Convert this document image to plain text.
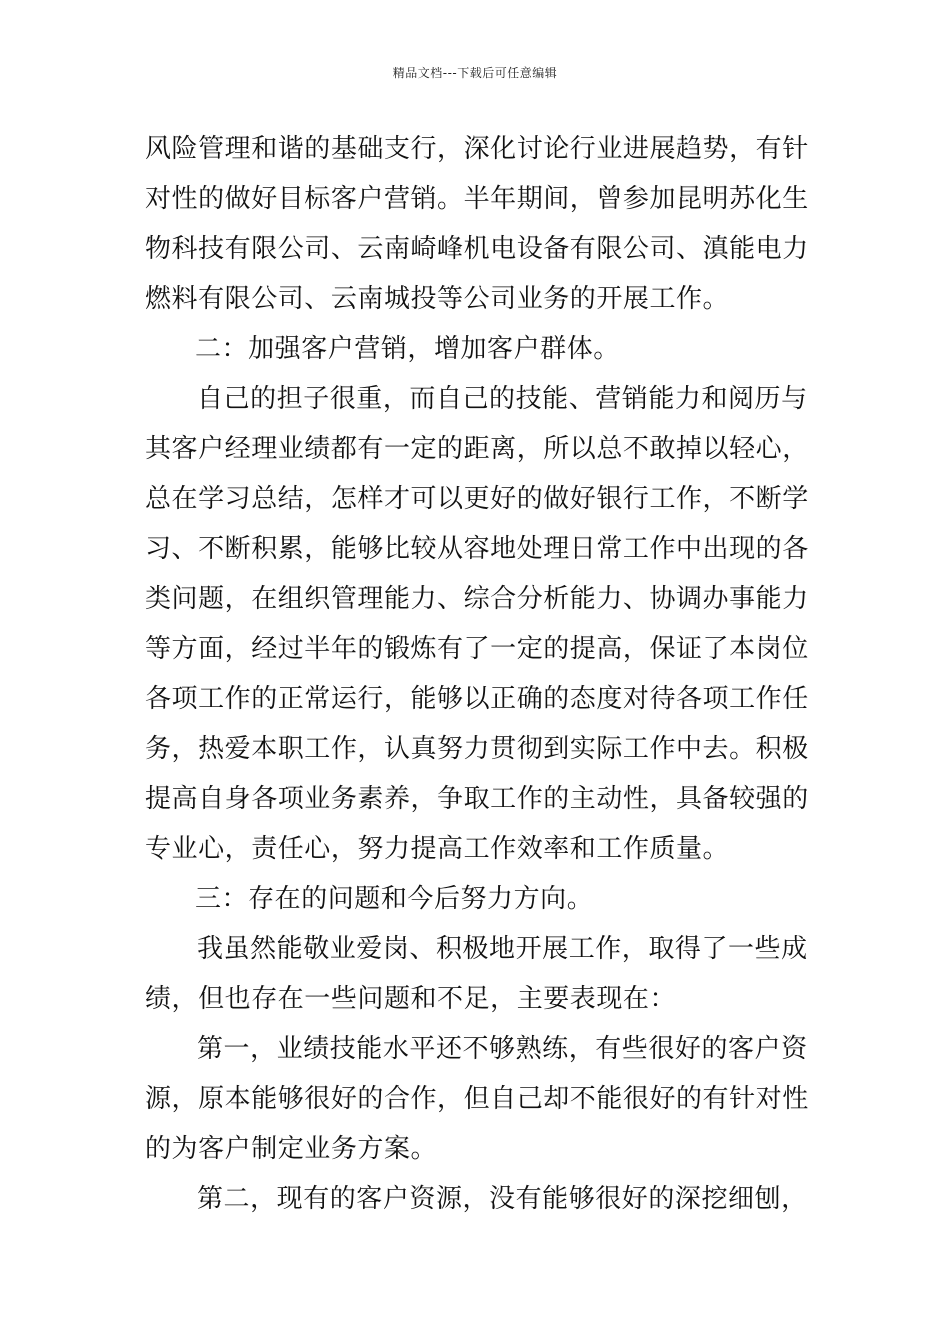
精品文档---下载后可任意编辑
风险管理和谐的基础支行，深化讨论行业进展趋势，有针
对性的做好目标客户营销。半年期间，曾参加昆明苏化生
物科技有限公司、云南崎峰机电设备有限公司、滇能电力
燃料有限公司、云南城投等公司业务的开展工作。
二：加强客户营销，增加客户群体。
自己的担子很重，而自己的技能、营销能力和阅历与
其客户经理业绩都有一定的距离，所以总不敢掉以轻心，
总在学习总结，怎样才可以更好的做好银行工作，不断学
习、不断积累，能够比较从容地处理日常工作中出现的各
类问题，在组织管理能力、综合分析能力、协调办事能力
等方面，经过半年的锻炼有了一定的提高，保证了本岗位
各项工作的正常运行，能够以正确的态度对待各项工作任
务，热爱本职工作，认真努力贯彻到实际工作中去。积极
提高自身各项业务素养，争取工作的主动性，具备较强的
专业心，责任心，努力提高工作效率和工作质量。
三：存在的问题和今后努力方向。
我虽然能敬业爱岗、积极地开展工作，取得了一些成
绩，但也存在一些问题和不足，主要表现在：
第一，业绩技能水平还不够熟练，有些很好的客户资
源，原本能够很好的合作，但自己却不能很好的有针对性
的为客户制定业务方案。
第二，现有的客户资源，没有能够很好的深挖细刨，
